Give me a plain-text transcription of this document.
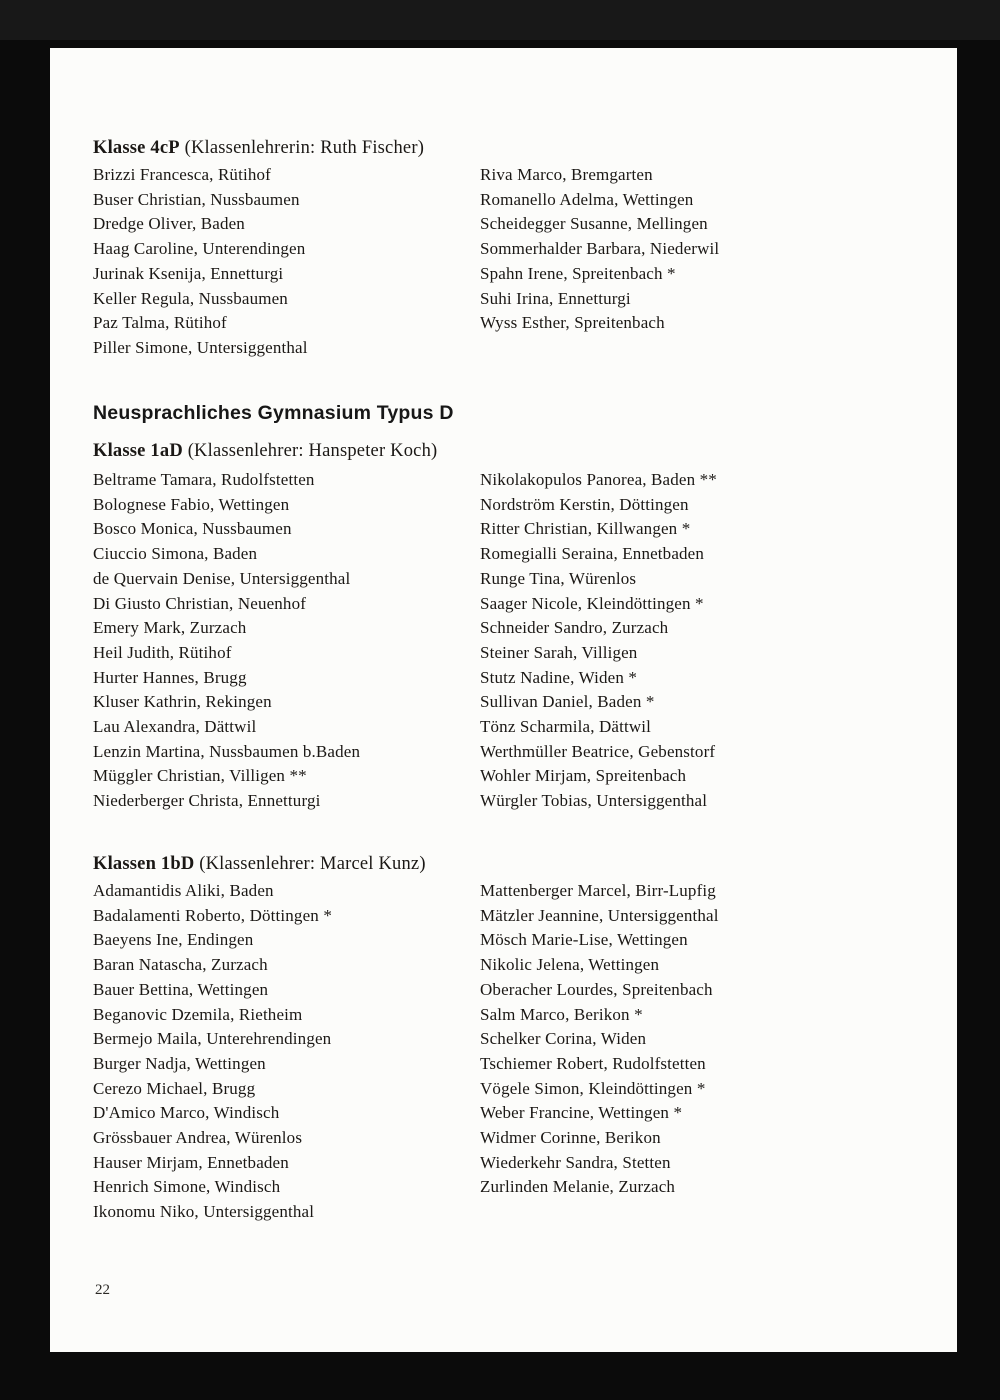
Klasse 4cP (Klassenlehrerin: Ruth Fischer)
Brizzi Francesca, Rütihof
Buser Christian, Nussbaumen
Dredge Oliver, Baden
Haag Caroline, Unterendingen
Jurinak Ksenija, Ennetturgi
Keller Regula, Nussbaumen
Paz Talma, Rütihof
Piller Simone, Untersiggenthal
Riva Marco, Bremgarten
Romanello Adelma, Wettingen
Scheidegger Susanne, Mellingen
Sommerhalder Barbara, Niederwil
Spahn Irene, Spreitenbach *
Suhi Irina, Ennetturgi
Wyss Esther, Spreitenbach
Neusprachliches Gymnasium Typus D
Klasse 1aD (Klassenlehrer: Hanspeter Koch)
Beltrame Tamara, Rudolfstetten
Bolognese Fabio, Wettingen
Bosco Monica, Nussbaumen
Ciuccio Simona, Baden
de Quervain Denise, Untersiggenthal
Di Giusto Christian, Neuenhof
Emery Mark, Zurzach
Heil Judith, Rütihof
Hurter Hannes, Brugg
Kluser Kathrin, Rekingen
Lau Alexandra, Dättwil
Lenzin Martina, Nussbaumen b.Baden
Müggler Christian, Villigen **
Niederberger Christa, Ennetturgi
Nikolakopulos Panorea, Baden **
Nordström Kerstin, Döttingen
Ritter Christian, Killwangen *
Romegialli Seraina, Ennetbaden
Runge Tina, Würenlos
Saager Nicole, Kleindöttingen *
Schneider Sandro, Zurzach
Steiner Sarah, Villigen
Stutz Nadine, Widen *
Sullivan Daniel, Baden *
Tönz Scharmila, Dättwil
Werthmüller Beatrice, Gebenstorf
Wohler Mirjam, Spreitenbach
Würgler Tobias, Untersiggenthal
Klassen 1bD (Klassenlehrer: Marcel Kunz)
Adamantidis Aliki, Baden
Badalamenti Roberto, Döttingen *
Baeyens Ine, Endingen
Baran Natascha, Zurzach
Bauer Bettina, Wettingen
Beganovic Dzemila, Rietheim
Bermejo Maila, Unterehrendingen
Burger Nadja, Wettingen
Cerezo Michael, Brugg
D'Amico Marco, Windisch
Grössbauer Andrea, Würenlos
Hauser Mirjam, Ennetbaden
Henrich Simone, Windisch
Ikonomu Niko, Untersiggenthal
Mattenberger Marcel, Birr-Lupfig
Mätzler Jeannine, Untersiggenthal
Mösch Marie-Lise, Wettingen
Nikolic Jelena, Wettingen
Oberacher Lourdes, Spreitenbach
Salm Marco, Berikon *
Schelker Corina, Widen
Tschiemer Robert, Rudolfstetten
Vögele Simon, Kleindöttingen *
Weber Francine, Wettingen *
Widmer Corinne, Berikon
Wiederkehr Sandra, Stetten
Zurlinden Melanie, Zurzach
22
